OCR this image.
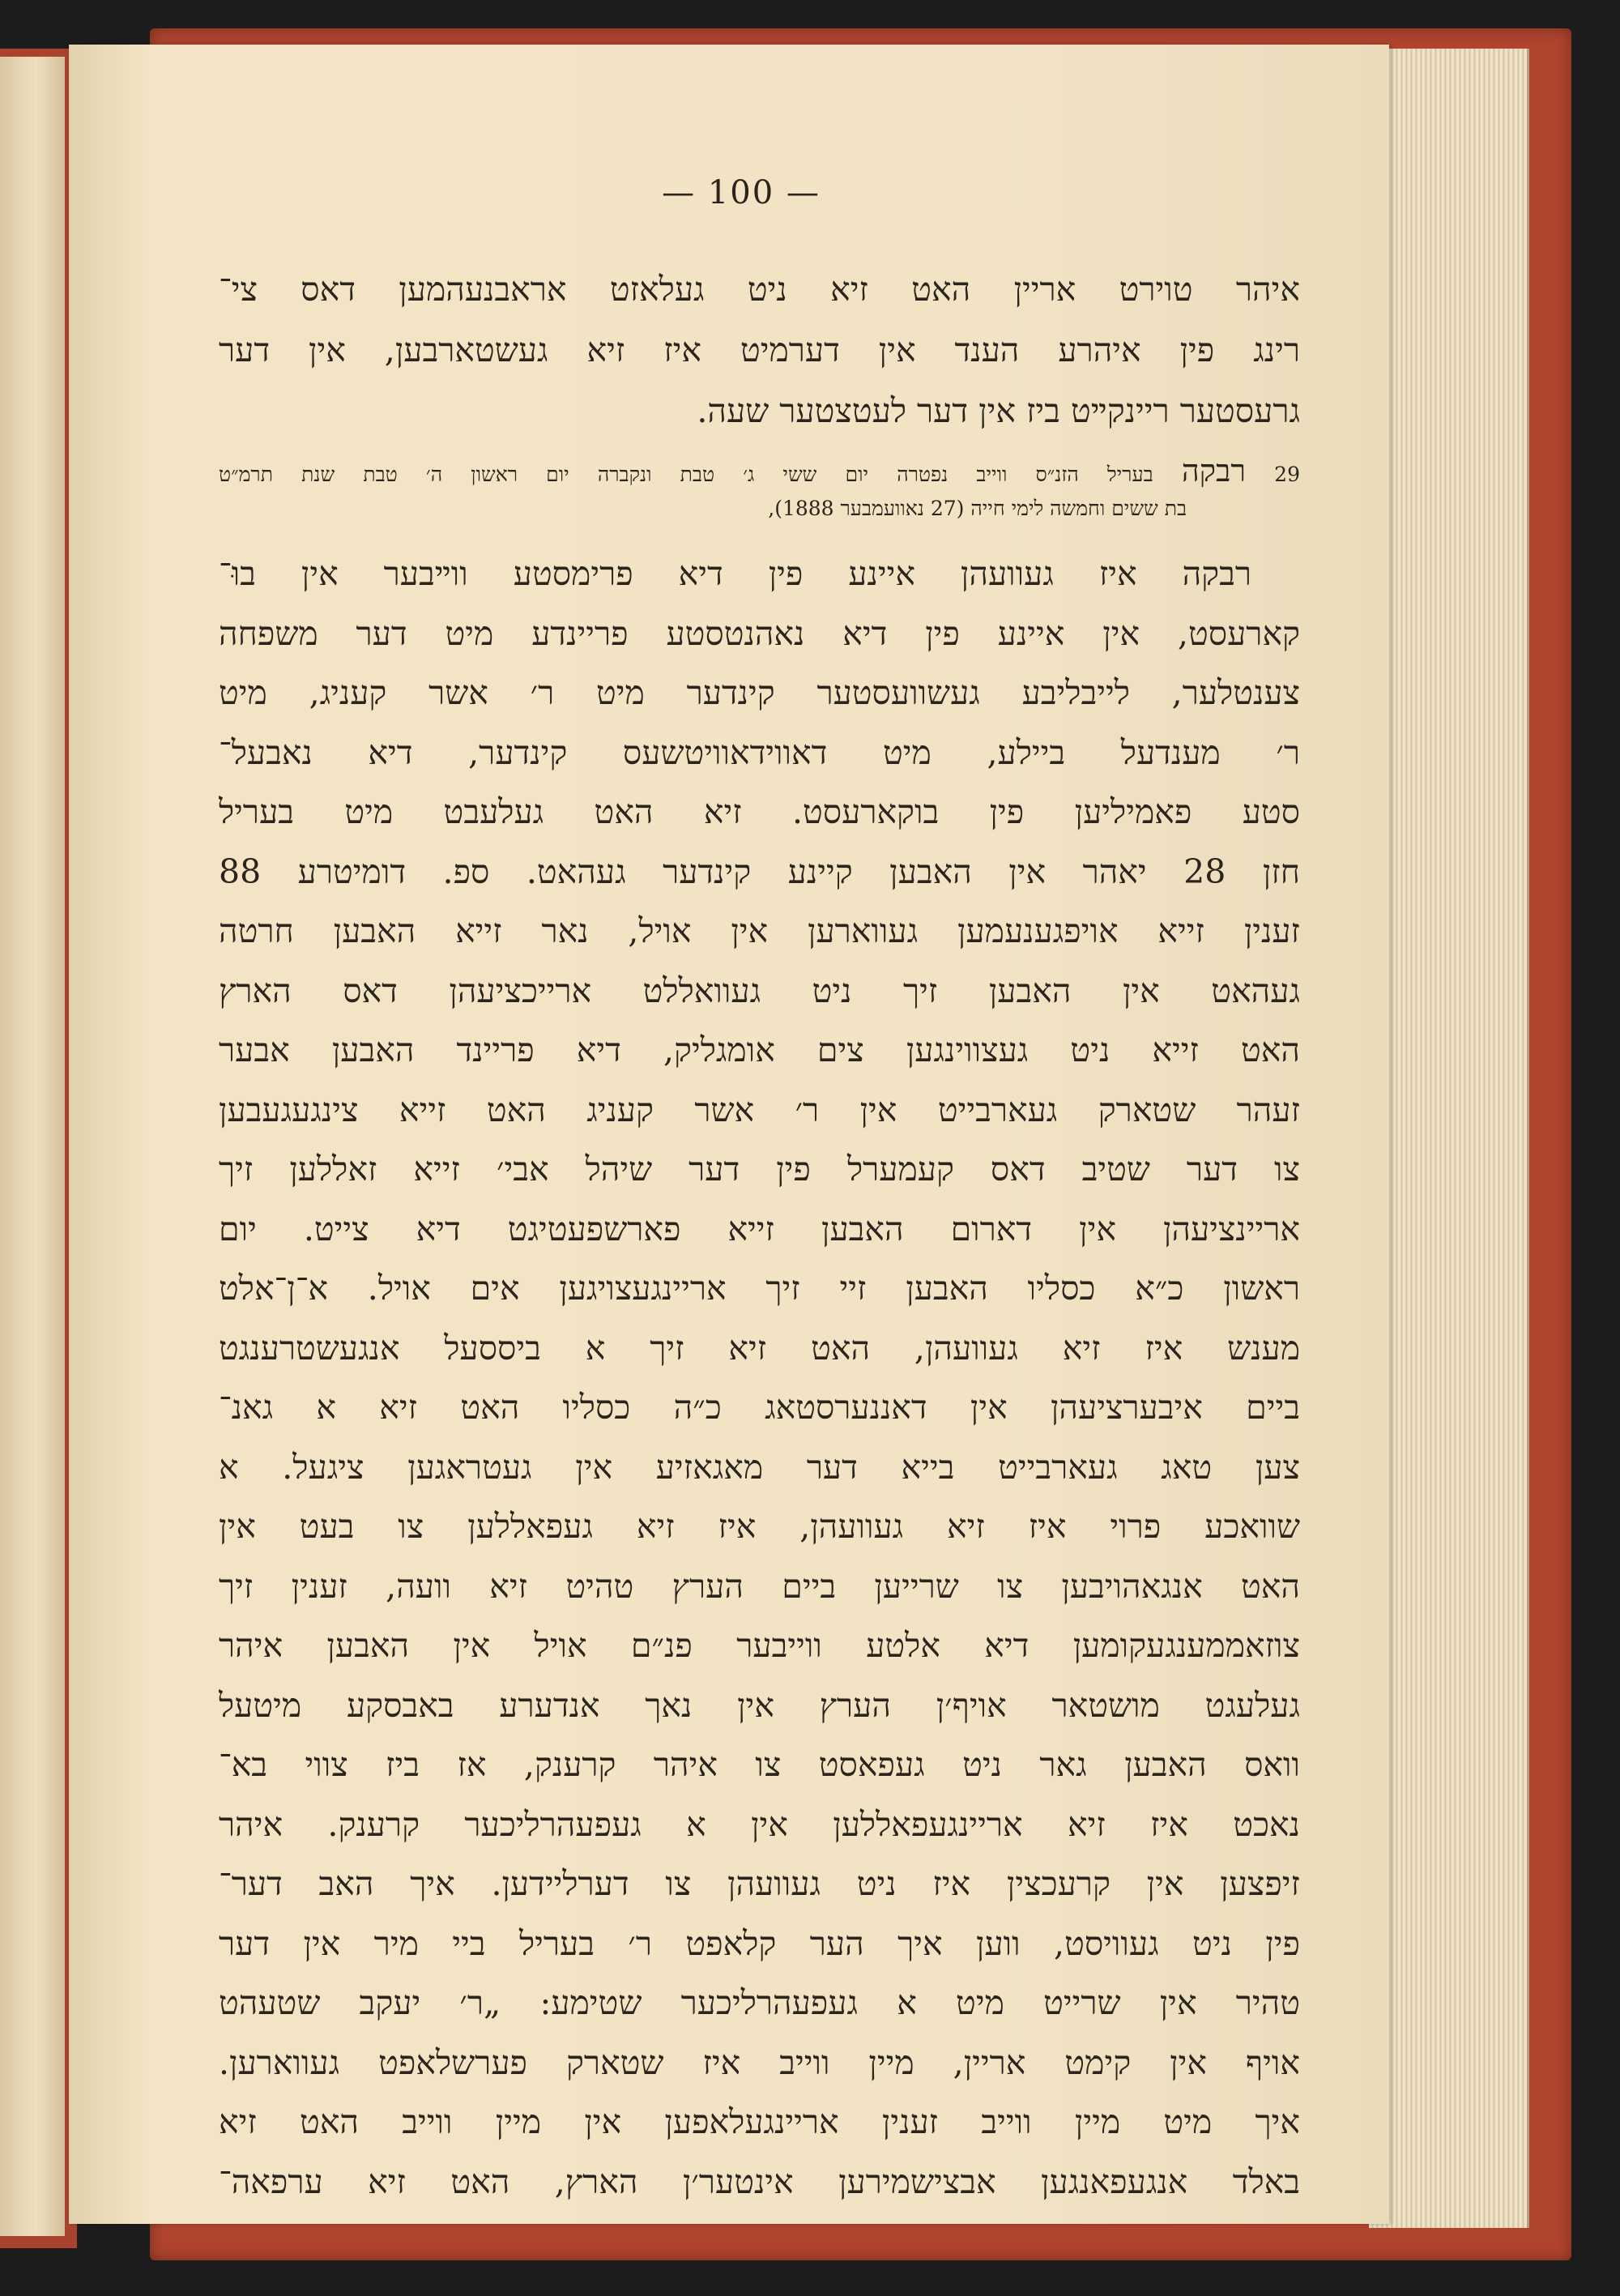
— 100 —
איהר טוירט אריין האט זיא ניט געלאזט אראבנעהמען דאס צי־
רינג פין איהרע הענד אין דערמיט איז זיא געשטארבען, אין דער
גרעסטער ריינקײט ביז אין דער לעטצטער שעה.
29 רבקה בעריל הזנ״ס ווייב נפטרה יום ששי ג׳ טבת ונקברה יום ראשון ה׳ טבת שנת תרמ״ט
בת ששים וחמשה לימי חייה (27 נאוועמבער 1888),
רבקה איז געוועהן איינע פין דיא פרימסטע ווײבער אין בוּ־
קארעסט, אין איינע פין דיא נאהנטסטע פריינדע מיט דער משפחה
צענטלער, לייבליבע געשוועסטער קינדער מיט ר׳ אשר קעניג, מיט
ר׳ מענדעל ביילע, מיט דאווידאוויטשעס קינדער, דיא נאבעל־
סטע פאמיליען פין בוקארעסט. זיא האט געלעבט מיט בעריל
חזן 28 יאהר אין האבען קיינע קינדער געהאט. ספ. דומיטרע 88
זענין זייא אויפגענעמען געווארען אין אויל, נאר זייא האבען חרטה
געהאט אין האבען זיך ניט געוואללט ארייכציעהן דאס הארץ
האט זייא ניט געצווינגען צים אומגליק, דיא פריינד האבען אבער
זעהר שטארק געארבייט אין ר׳ אשר קעניג האט זייא צינגעגעבען
צו דער שטיב דאס קעמערל פין דער שיהל אבי׳ זייא זאללען זיך
אריינציעהן אין דארום האבען זייא פארשפעטיגט דיא צייט. יום
ראשון כ״א כסליו האבען זיי זיך אריינגעצויגען אים אויל. א־ן־אלט
מענש איז זיא געוועהן, האט זיא זיך א ביססעל אנגעשטרענגט
ביים איבערציעהן אין דאננערסטאג כ״ה כסליו האט זיא א גאנ־
צען טאג געארבייט בייא דער מאגאזיע אין געטראגען ציגעל. א
שוואכע פרוי איז זיא געוועהן, איז זיא געפאללען צו בעט אין
האט אנגאהויבען צו שרייען ביים הערץ טהיט זיא וועה, זענין זיך
צוזאממענגעקומען דיא אלטע ווייבער פנ״ם אויל אין האבען איהר
געלעגט מושטאר אויף׳ן הערץ אין נאך אנדערע באבסקע מיטעל
וואס האבען גאר ניט געפאסט צו איהר קרענק, אז ביז צווי בא־
נאכט איז זיא אריינגעפאללען אין א געפעהרליכער קרענק. איהר
זיפצען אין קרעכצין איז ניט געוועהן צו דערליידען. איך האב דער־
פין ניט געוויסט, ווען איך הער קלאפט ר׳ בעריל ביי מיר אין דער
טהיר אין שרייט מיט א געפעהרליכער שטימע: „ר׳ יעקב שטעהט
אויף אין קימט אריין, מיין ווייב איז שטארק פערשלאפט געווארען.
איך מיט מיין ווייב זענין אריינגעלאפען אין מיין ווייב האט זיא
באלד אנגעפאנגען אבצישמירען אינטער׳ן הארץ, האט זיא ערפאה־
